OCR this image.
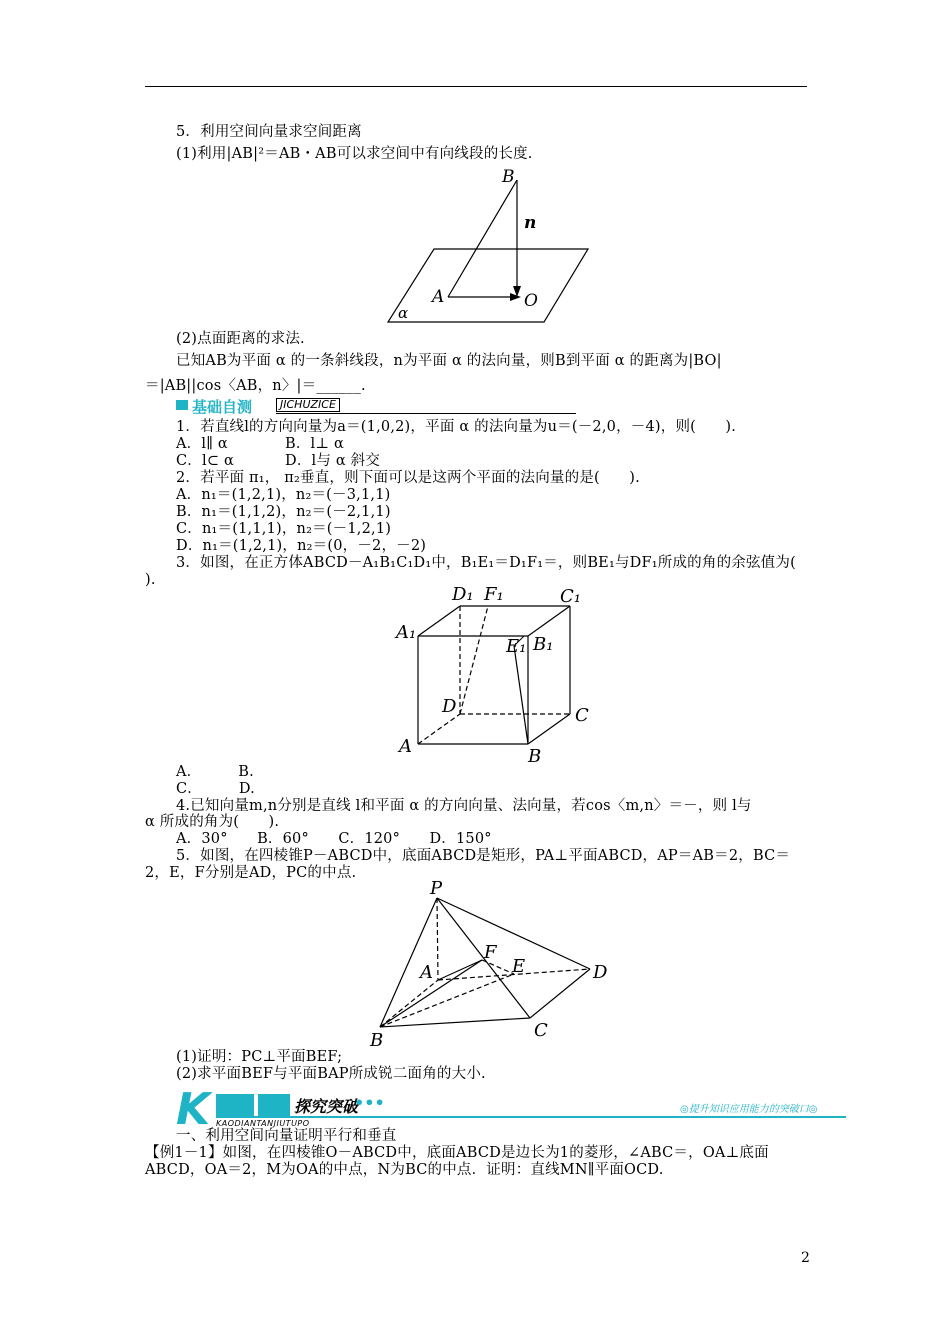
5．利用空间向量求空间距离
(1)利用|AB|²＝AB・AB可以求空间中有向线段的长度.
B
n
A	O
α
(2)点面距离的求法.
已知AB为平面 α 的一条斜线段，n为平面 α 的法向量，则B到平面 α 的距离为|BO|
＝|AB||cos〈AB，n〉|＝______.
基础自测	JICHUZICE
1．若直线l的方向向量为a＝(1,0,2)，平面 α 的法向量为u＝(－2,0，－4)，则(　　).
A．l∥ α	B．l⊥ α
C．l⊂ α	D．l与 α 斜交
2．若平面 π₁， π₂垂直，则下面可以是这两个平面的法向量的是(　　).
A．n₁＝(1,2,1)，n₂＝(－3,1,1)
B．n₁＝(1,1,2)，n₂＝(－2,1,1)
C．n₁＝(1,1,1)，n₂＝(－1,2,1)
D．n₁＝(1,2,1)，n₂＝(0，－2，－2)
3．如图，在正方体ABCD－A₁B₁C₁D₁中，B₁E₁＝D₁F₁＝，则BE₁与DF₁所成的角的余弦值为(
).
D₁ F₁	C₁
A₁
E₁ B₁
D	C
A	B
A．　　　B.
C．　　　D.
4.已知向量m,n分别是直线 l和平面 α 的方向向量、法向量，若cos〈m,n〉＝－，则 l与
α 所成的角为(　　).
A．30°　　B．60°　　C．120°　　D．150°
5．如图，在四棱锥P－ABCD中，底面ABCD是矩形，PA⊥平面ABCD，AP＝AB＝2，BC＝
2，E，F分别是AD，PC的中点.
P
A
F
E	D
B	C
(1)证明：PC⊥平面BEF;
(2)求平面BEF与平面BAP所成锐二面角的大小.
K	探究突破
•••	◎提升知识应用能力的突破口◎
KAODIANTANJIUTUPO
一、利用空间向量证明平行和垂直
【例1－1】如图，在四棱锥O－ABCD中，底面ABCD是边长为1的菱形，∠ABC＝，OA⊥底面
ABCD，OA＝2，M为OA的中点，N为BC的中点．证明：直线MN∥平面OCD.
2
